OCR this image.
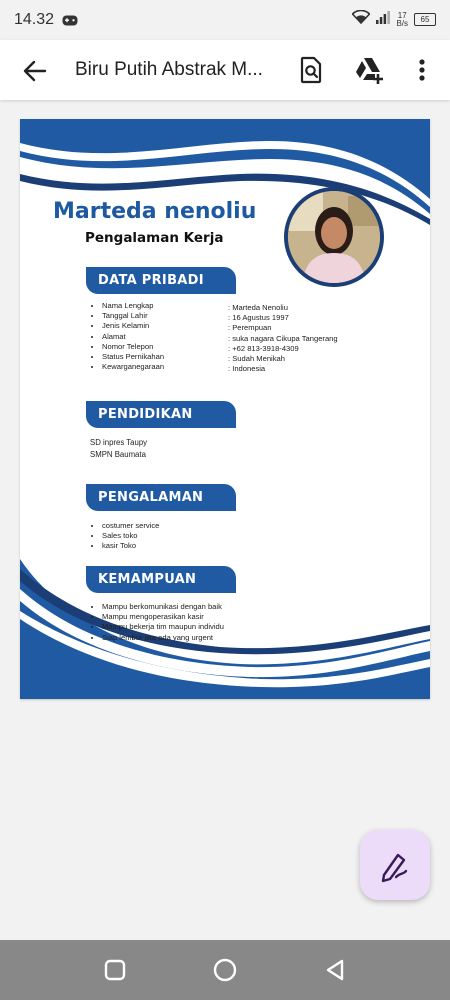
14.32	17
B/s	65
Biru Putih Abstrak M...
Marteda nenoliu
Pengalaman Kerja
DATA PRIBADI
• Nama Lengkap
• Tanggal Lahir
• Jenis Kelamin
• Alamat
• Nomor Telepon
• Status Pernikahan
• Kewarganegaraan
: Marteda Nenoliu
: 16 Agustus 1997
: Perempuan
: suka nagara Cikupa Tangerang
: +62 813-3918-4309
: Sudah Menikah
: Indonesia
PENDIDIKAN
SD inpres Taupy
SMPN Baumata
PENGALAMAN
• costumer service
• Sales toko
• kasir Toko
KEMAMPUAN
• Mampu berkomunikasi dengan baik
• Mampu mengoperasikan kasir
• Mampu bekerja tim maupun individu
• Siap lembur jika ada yang urgent
